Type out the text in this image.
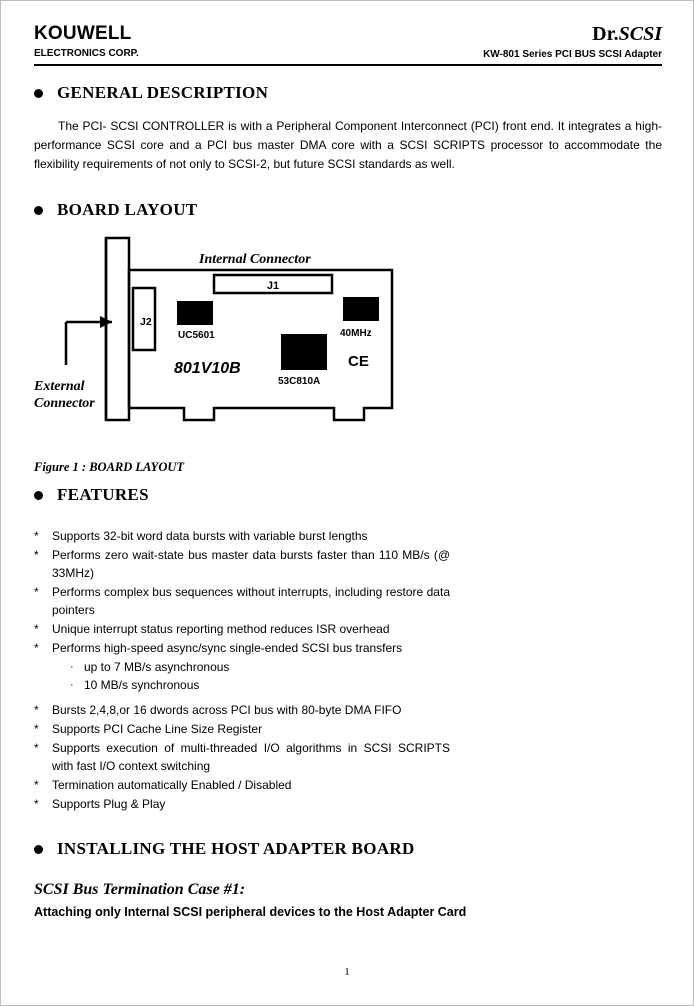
KOUWELL
ELECTRONICS CORP.
Dr.SCSI
KW-801 Series PCI BUS SCSI Adapter
GENERAL DESCRIPTION
The PCI- SCSI CONTROLLER is with a Peripheral Component Interconnect (PCI) front end. It integrates a high-performance SCSI core and a PCI bus master DMA core with a SCSI SCRIPTS processor to accommodate the flexibility requirements of not only to SCSI-2, but future SCSI standards as well.
BOARD LAYOUT
J1
J2
UC5601	40MHz
CE
53C810A
801V10B
Internal Connector
External
Connector
Figure 1 : BOARD LAYOUT
FEATURES
*	Supports 32-bit word data bursts with variable burst lengths
*	Performs zero wait-state bus master data bursts faster than 110 MB/s (@ 33MHz)
*	Performs complex bus sequences without interrupts, including restore data pointers
*	Unique interrupt status reporting method reduces ISR overhead
*	Performs high-speed async/sync single-ended SCSI bus transfers
· up to 7 MB/s asynchronous
· 10 MB/s synchronous
*	Bursts 2,4,8,or 16 dwords across PCI bus with 80-byte DMA FIFO
*	Supports PCI Cache Line Size Register
*	Supports execution of multi-threaded I/O algorithms in SCSI SCRIPTS with fast I/O context switching
*	Termination automatically Enabled / Disabled
*	Supports Plug & Play
INSTALLING THE HOST ADAPTER BOARD
SCSI Bus Termination Case #1:
Attaching only Internal SCSI peripheral devices to the Host Adapter Card
1
